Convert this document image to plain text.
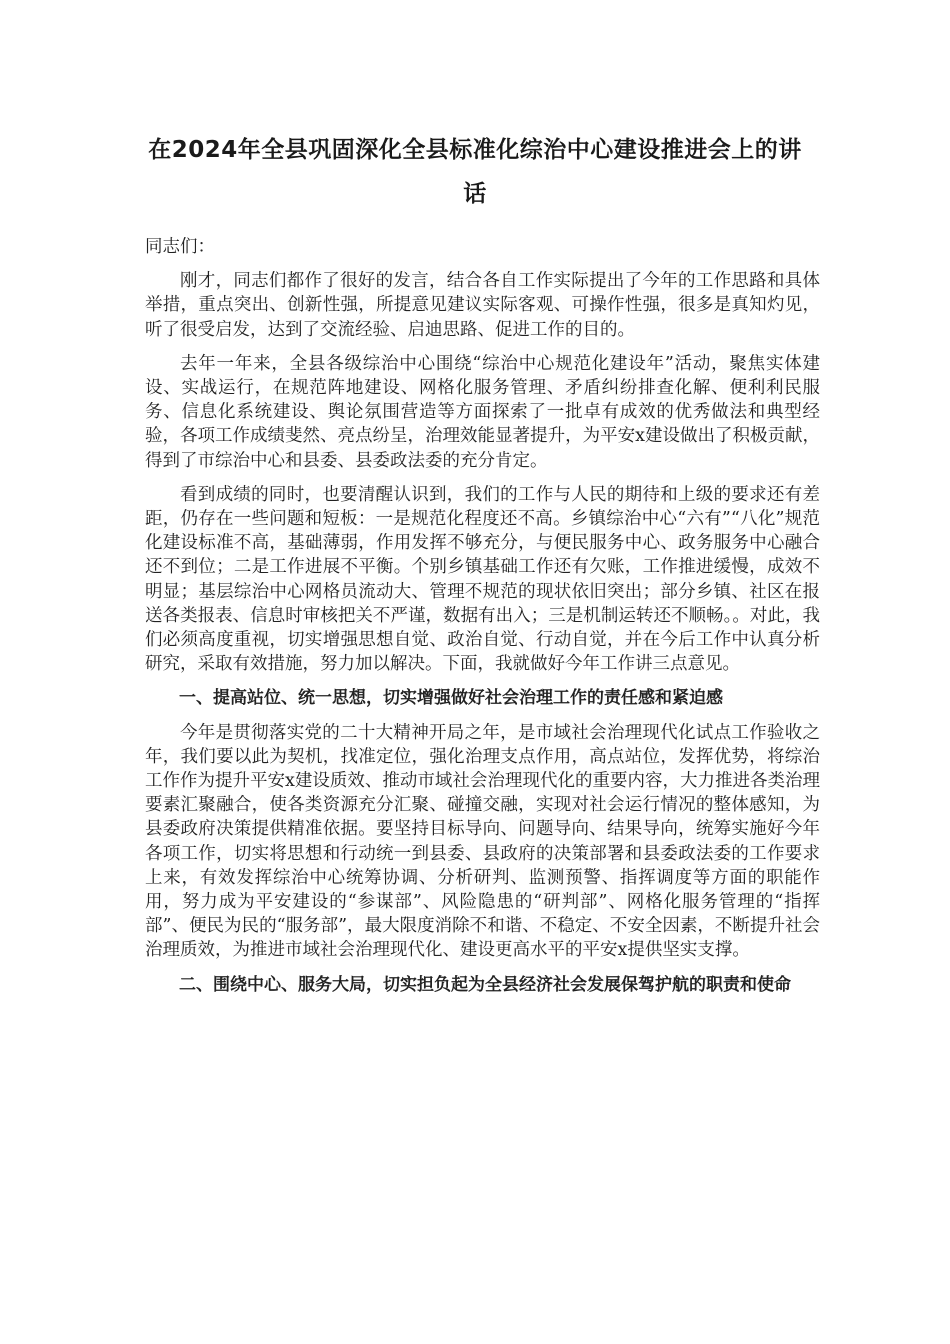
在2024年全县巩固深化全县标准化综治中心建设推进会上的讲话

同志们：

刚才，同志们都作了很好的发言，结合各自工作实际提出了今年的工作思路和具体举措，重点突出、创新性强，所提意见建议实际客观、可操作性强，很多是真知灼见，听了很受启发，达到了交流经验、启迪思路、促进工作的目的。

去年一年来，全县各级综治中心围绕“综治中心规范化建设年”活动，聚焦实体建设、实战运行，在规范阵地建设、网格化服务管理、矛盾纠纷排查化解、便利利民服务、信息化系统建设、舆论氛围营造等方面探索了一批卓有成效的优秀做法和典型经验，各项工作成绩斐然、亮点纷呈，治理效能显著提升，为平安x建设做出了积极贡献，得到了市综治中心和县委、县委政法委的充分肯定。

看到成绩的同时，也要清醒认识到，我们的工作与人民的期待和上级的要求还有差距，仍存在一些问题和短板：一是规范化程度还不高。乡镇综治中心“六有”“八化”规范化建设标准不高，基础薄弱，作用发挥不够充分，与便民服务中心、政务服务中心融合还不到位；二是工作进展不平衡。个别乡镇基础工作还有欠账，工作推进缓慢，成效不明显；基层综治中心网格员流动大、管理不规范的现状依旧突出；部分乡镇、社区在报送各类报表、信息时审核把关不严谨，数据有出入；三是机制运转还不顺畅。。对此，我们必须高度重视，切实增强思想自觉、政治自觉、行动自觉，并在今后工作中认真分析研究，采取有效措施，努力加以解决。下面，我就做好今年工作讲三点意见。

一、提高站位、统一思想，切实增强做好社会治理工作的责任感和紧迫感

今年是贯彻落实党的二十大精神开局之年，是市域社会治理现代化试点工作验收之年，我们要以此为契机，找准定位，强化治理支点作用，高点站位，发挥优势，将综治工作作为提升平安x建设质效、推动市域社会治理现代化的重要内容，大力推进各类治理要素汇聚融合，使各类资源充分汇聚、碰撞交融，实现对社会运行情况的整体感知，为县委政府决策提供精准依据。要坚持目标导向、问题导向、结果导向，统筹实施好今年各项工作，切实将思想和行动统一到县委、县政府的决策部署和县委政法委的工作要求上来，有效发挥综治中心统筹协调、分析研判、监测预警、指挥调度等方面的职能作用，努力成为平安建设的“参谋部”、风险隐患的“研判部”、网格化服务管理的“指挥部”、便民为民的“服务部”，最大限度消除不和谐、不稳定、不安全因素，不断提升社会治理质效，为推进市域社会治理现代化、建设更高水平的平安x提供坚实支撑。

二、围绕中心、服务大局，切实担负起为全县经济社会发展保驾护航的职责和使命
